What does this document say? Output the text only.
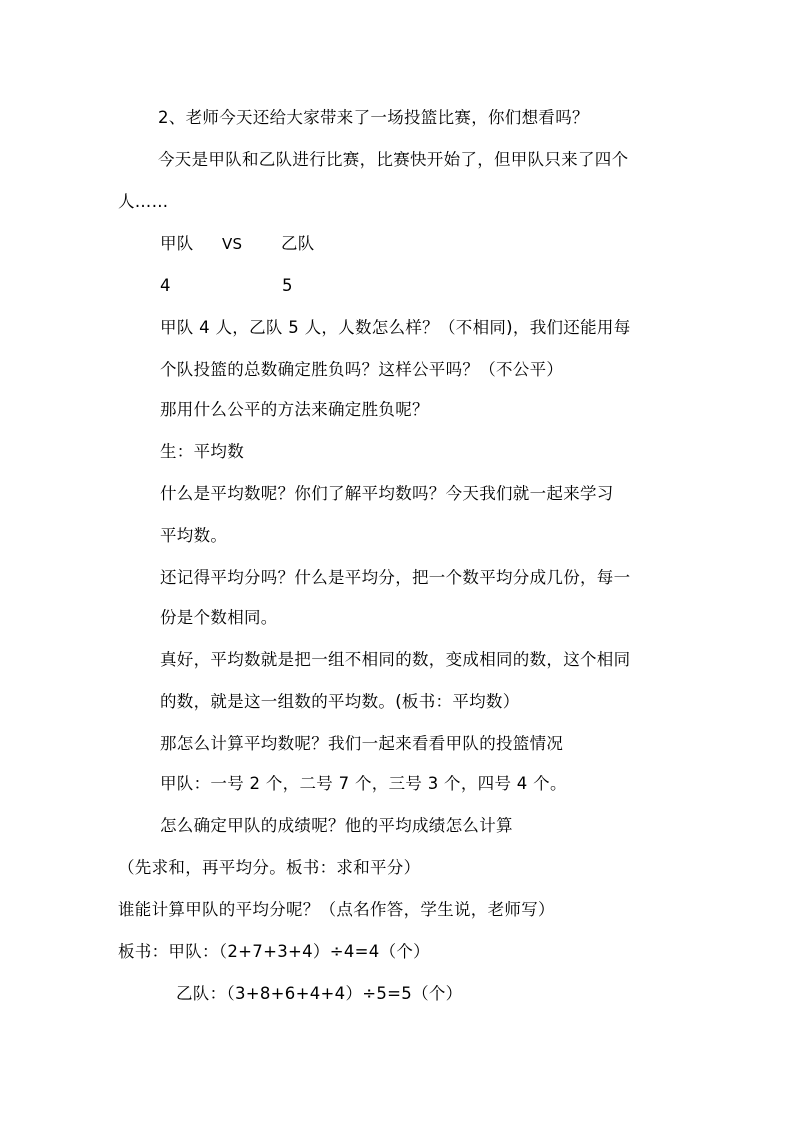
2、老师今天还给大家带来了一场投篮比赛，你们想看吗？
今天是甲队和乙队进行比赛，比赛快开始了，但甲队只来了四个
人……
甲队 VS 乙队
4	5
甲队 4 人，乙队 5 人，人数怎么样？（不相同)，我们还能用每
个队投篮的总数确定胜负吗？这样公平吗？（不公平）
那用什么公平的方法来确定胜负呢？
生：平均数
什么是平均数呢？你们了解平均数吗？今天我们就一起来学习
平均数。
还记得平均分吗？什么是平均分，把一个数平均分成几份，每一
份是个数相同。
真好，平均数就是把一组不相同的数，变成相同的数，这个相同
的数，就是这一组数的平均数。(板书：平均数）
那怎么计算平均数呢？我们一起来看看甲队的投篮情况
甲队：一号 2 个，二号 7 个，三号 3 个，四号 4 个。
怎么确定甲队的成绩呢？他的平均成绩怎么计算
（先求和，再平均分。板书：求和平分）
谁能计算甲队的平均分呢？（点名作答，学生说，老师写）
板书：甲队：（2+7+3+4）÷4=4（个）
乙队：（3+8+6+4+4）÷5=5（个）
